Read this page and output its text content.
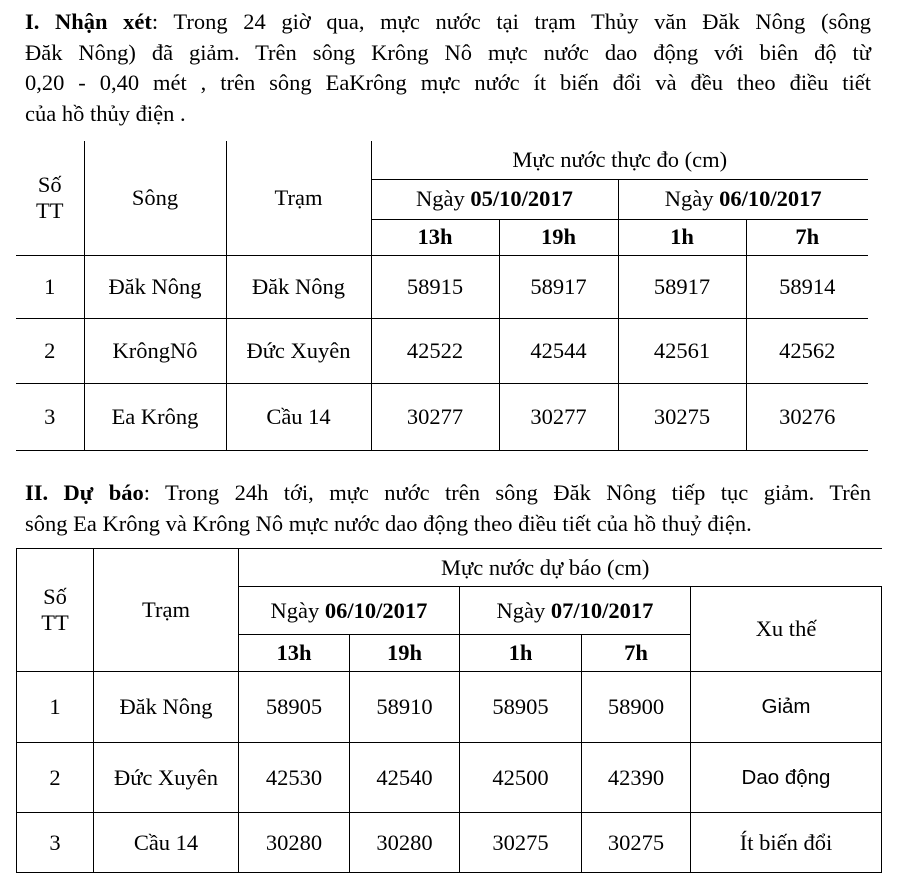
I. Nhận xét: Trong 24 giờ qua, mực nước tại trạm Thủy văn Đăk Nông (sông
Đăk Nông) đã giảm. Trên sông Krông Nô mực nước dao động với biên độ từ
0,20 - 0,40 mét , trên sông EaKrông mực nước ít biến đổi và đều theo điều tiết
của hồ thủy điện .
Số
TT	Sông	Trạm	Mực nước thực đo (cm)			
			Ngày 05/10/2017		Ngày 06/10/2017	
			13h	19h	1h	7h
1	Đăk Nông	Đăk Nông	58915	58917	58917	58914
2	KrôngNô	Đức Xuyên	42522	42544	42561	42562
3	Ea Krông	Cầu 14	30277	30277	30275	30276
II. Dự báo: Trong 24h tới, mực nước trên sông Đăk Nông tiếp tục giảm. Trên
sông Ea Krông và Krông Nô mực nước dao động theo điều tiết của hồ thuỷ điện.
Số
TT	Trạm	Mực nước dự báo (cm)				
		Ngày 06/10/2017		Ngày 07/10/2017		Xu thế
		13h	19h	1h	7h	
1	Đăk Nông	58905	58910	58905	58900	Giảm
2	Đức Xuyên	42530	42540	42500	42390	Dao động
3	Cầu 14	30280	30280	30275	30275	Ít biến đổi
